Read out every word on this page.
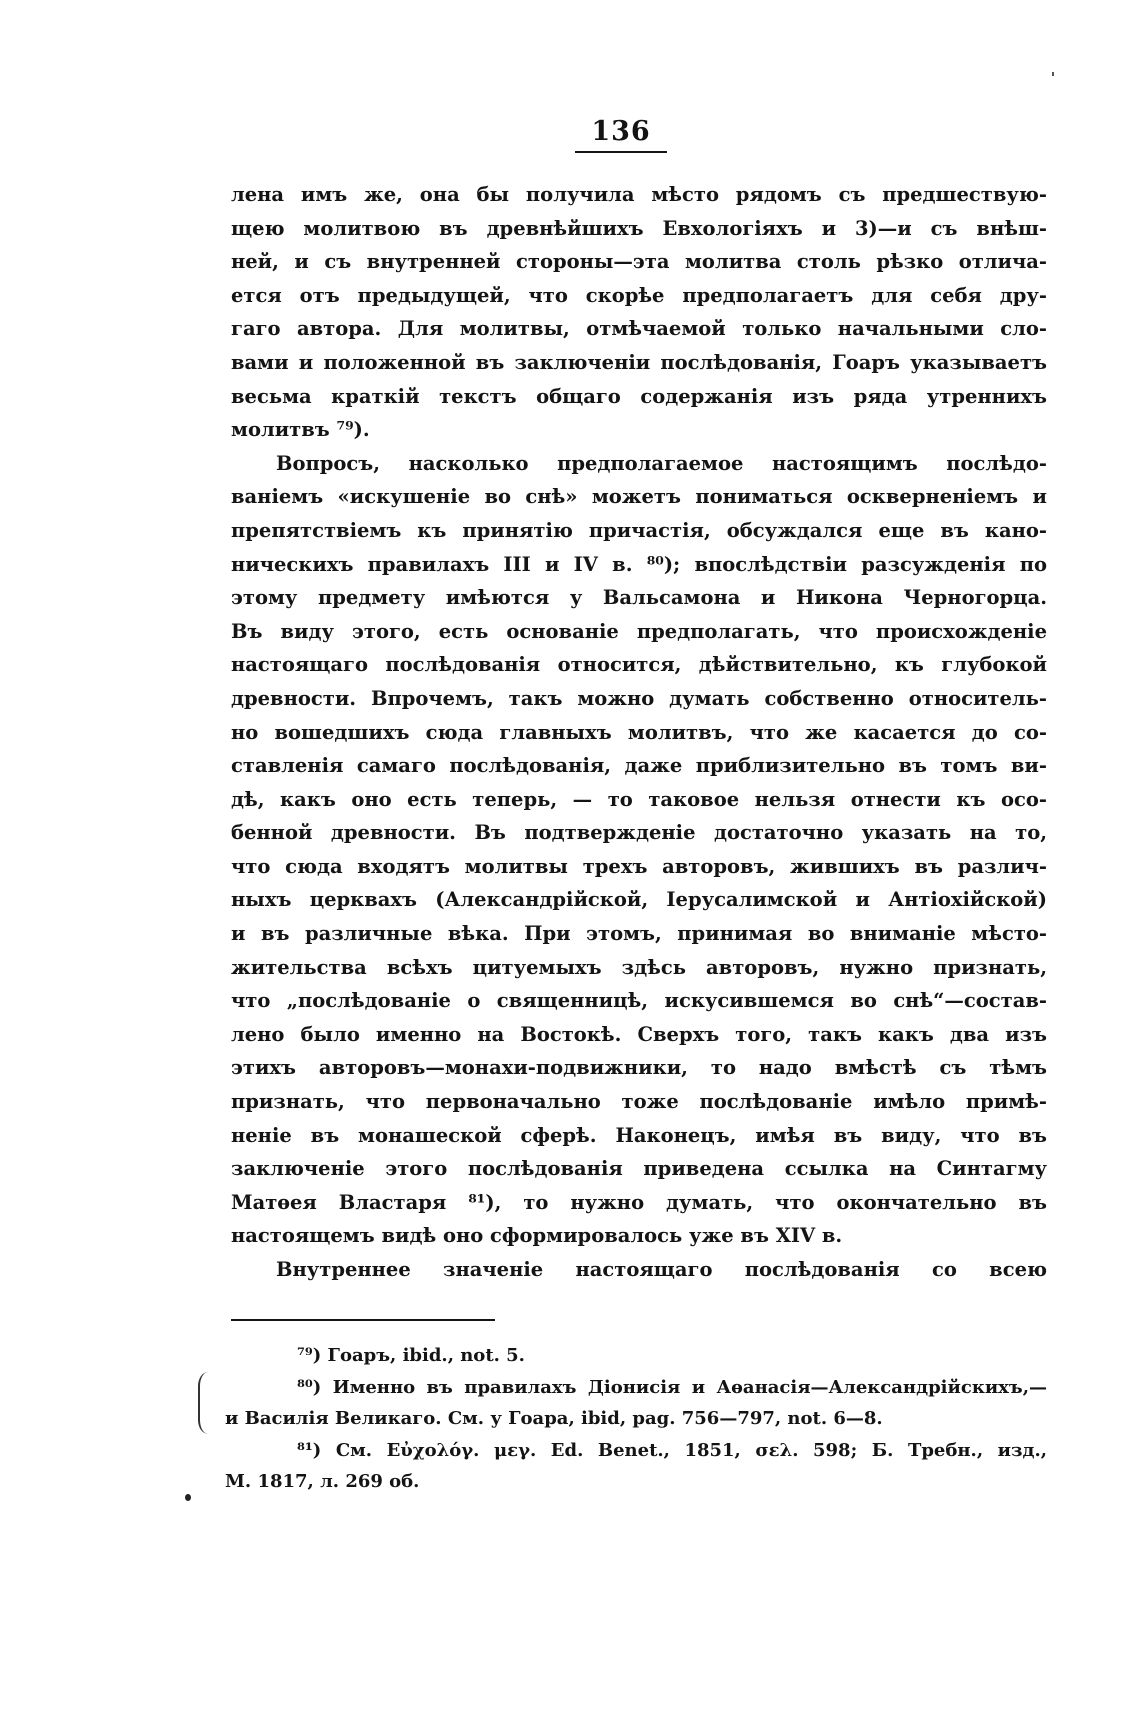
136
лена имъ же, она бы получила мѣсто рядомъ съ предшествую-
щею молитвою въ древнѣйшихъ Евхологіяхъ и 3)—и съ внѣш-
ней, и съ внутренней стороны—эта молитва столь рѣзко отлича-
ется отъ предыдущей, что скорѣе предполагаетъ для себя дру-
гаго автора. Для молитвы, отмѣчаемой только начальными сло-
вами и положенной въ заключеніи послѣдованія, Гоаръ указываетъ
весьма краткій текстъ общаго содержанія изъ ряда утреннихъ
молитвъ ⁷⁹).
Вопросъ, насколько предполагаемое настоящимъ послѣдо-
ваніемъ «искушеніе во снѣ» можетъ пониматься оскверненіемъ и
препятствіемъ къ принятію причастія, обсуждался еще въ кано-
ническихъ правилахъ III и IV в. ⁸⁰); впослѣдствіи разсужденія по
этому предмету имѣются у Вальсамона и Никона Черногорца.
Въ виду этого, есть основаніе предполагать, что происхожденіе
настоящаго послѣдованія относится, дѣйствительно, къ глубокой
древности. Впрочемъ, такъ можно думать собственно относитель-
но вошедшихъ сюда главныхъ молитвъ, что же касается до со-
ставленія самаго послѣдованія, даже приблизительно въ томъ ви-
дѣ, какъ оно есть теперь, — то таковое нельзя отнести къ осо-
бенной древности. Въ подтвержденіе достаточно указать на то,
что сюда входятъ молитвы трехъ авторовъ, жившихъ въ различ-
ныхъ церквахъ (Александрійской, Іерусалимской и Антіохійской)
и въ различные вѣка. При этомъ, принимая во вниманіе мѣсто-
жительства всѣхъ цитуемыхъ здѣсь авторовъ, нужно признать,
что „послѣдованіе о священницѣ, искусившемся во снѣ“—состав-
лено было именно на Востокѣ. Сверхъ того, такъ какъ два изъ
этихъ авторовъ—монахи-подвижники, то надо вмѣстѣ съ тѣмъ
признать, что первоначально тоже послѣдованіе имѣло примѣ-
неніе въ монашеской сферѣ. Наконецъ, имѣя въ виду, что въ
заключеніе этого послѣдованія приведена ссылка на Синтагму
Матѳея Властаря ⁸¹), то нужно думать, что окончательно въ
настоящемъ видѣ оно сформировалось уже въ XIV в.
Внутреннее значеніе настоящаго послѣдованія со всею
⁷⁹) Гоаръ, ibid., not. 5.
⁸⁰) Именно въ правилахъ Діонисія и Аѳанасія—Александрійскихъ,—
и Василія Великаго. См. у Гоара, ibid, pag. 756—797, not. 6—8.
⁸¹) См. Εὐχολόγ. μεγ. Ed. Benet., 1851, σελ. 598; Б. Требн., изд.,
М. 1817, л. 269 об.
